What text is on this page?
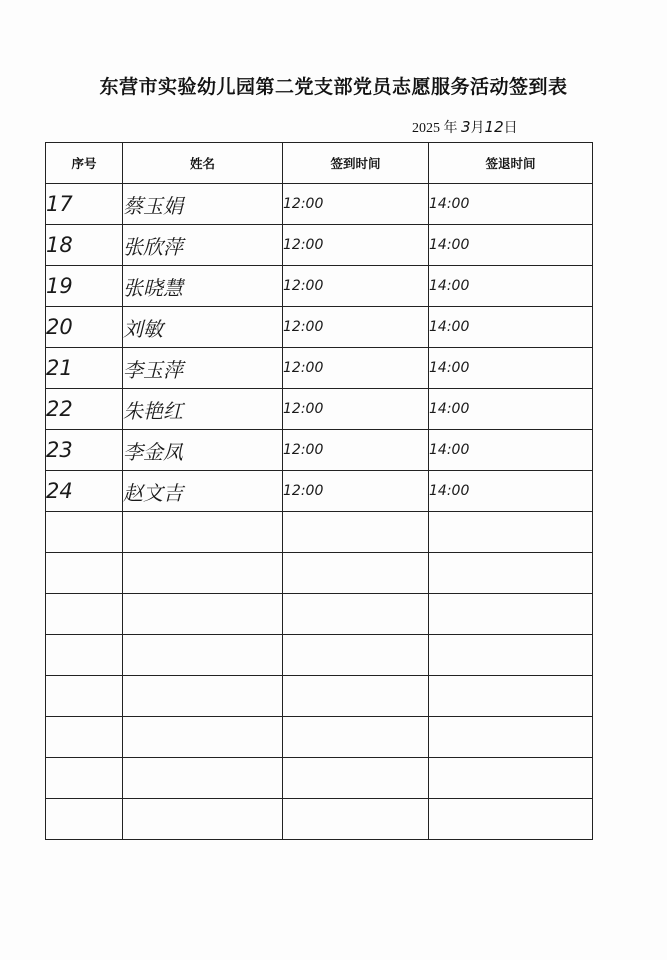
东营市实验幼儿园第二党支部党员志愿服务活动签到表
2025 年 3月12日
序号	姓名	签到时间	签退时间
17	蔡玉娟	12:00	14:00
18	张欣萍	12:00	14:00
19	张晓慧	12:00	14:00
20	刘敏	12:00	14:00
21	李玉萍	12:00	14:00
22	朱艳红	12:00	14:00
23	李金凤	12:00	14:00
24	赵文吉	12:00	14:00
